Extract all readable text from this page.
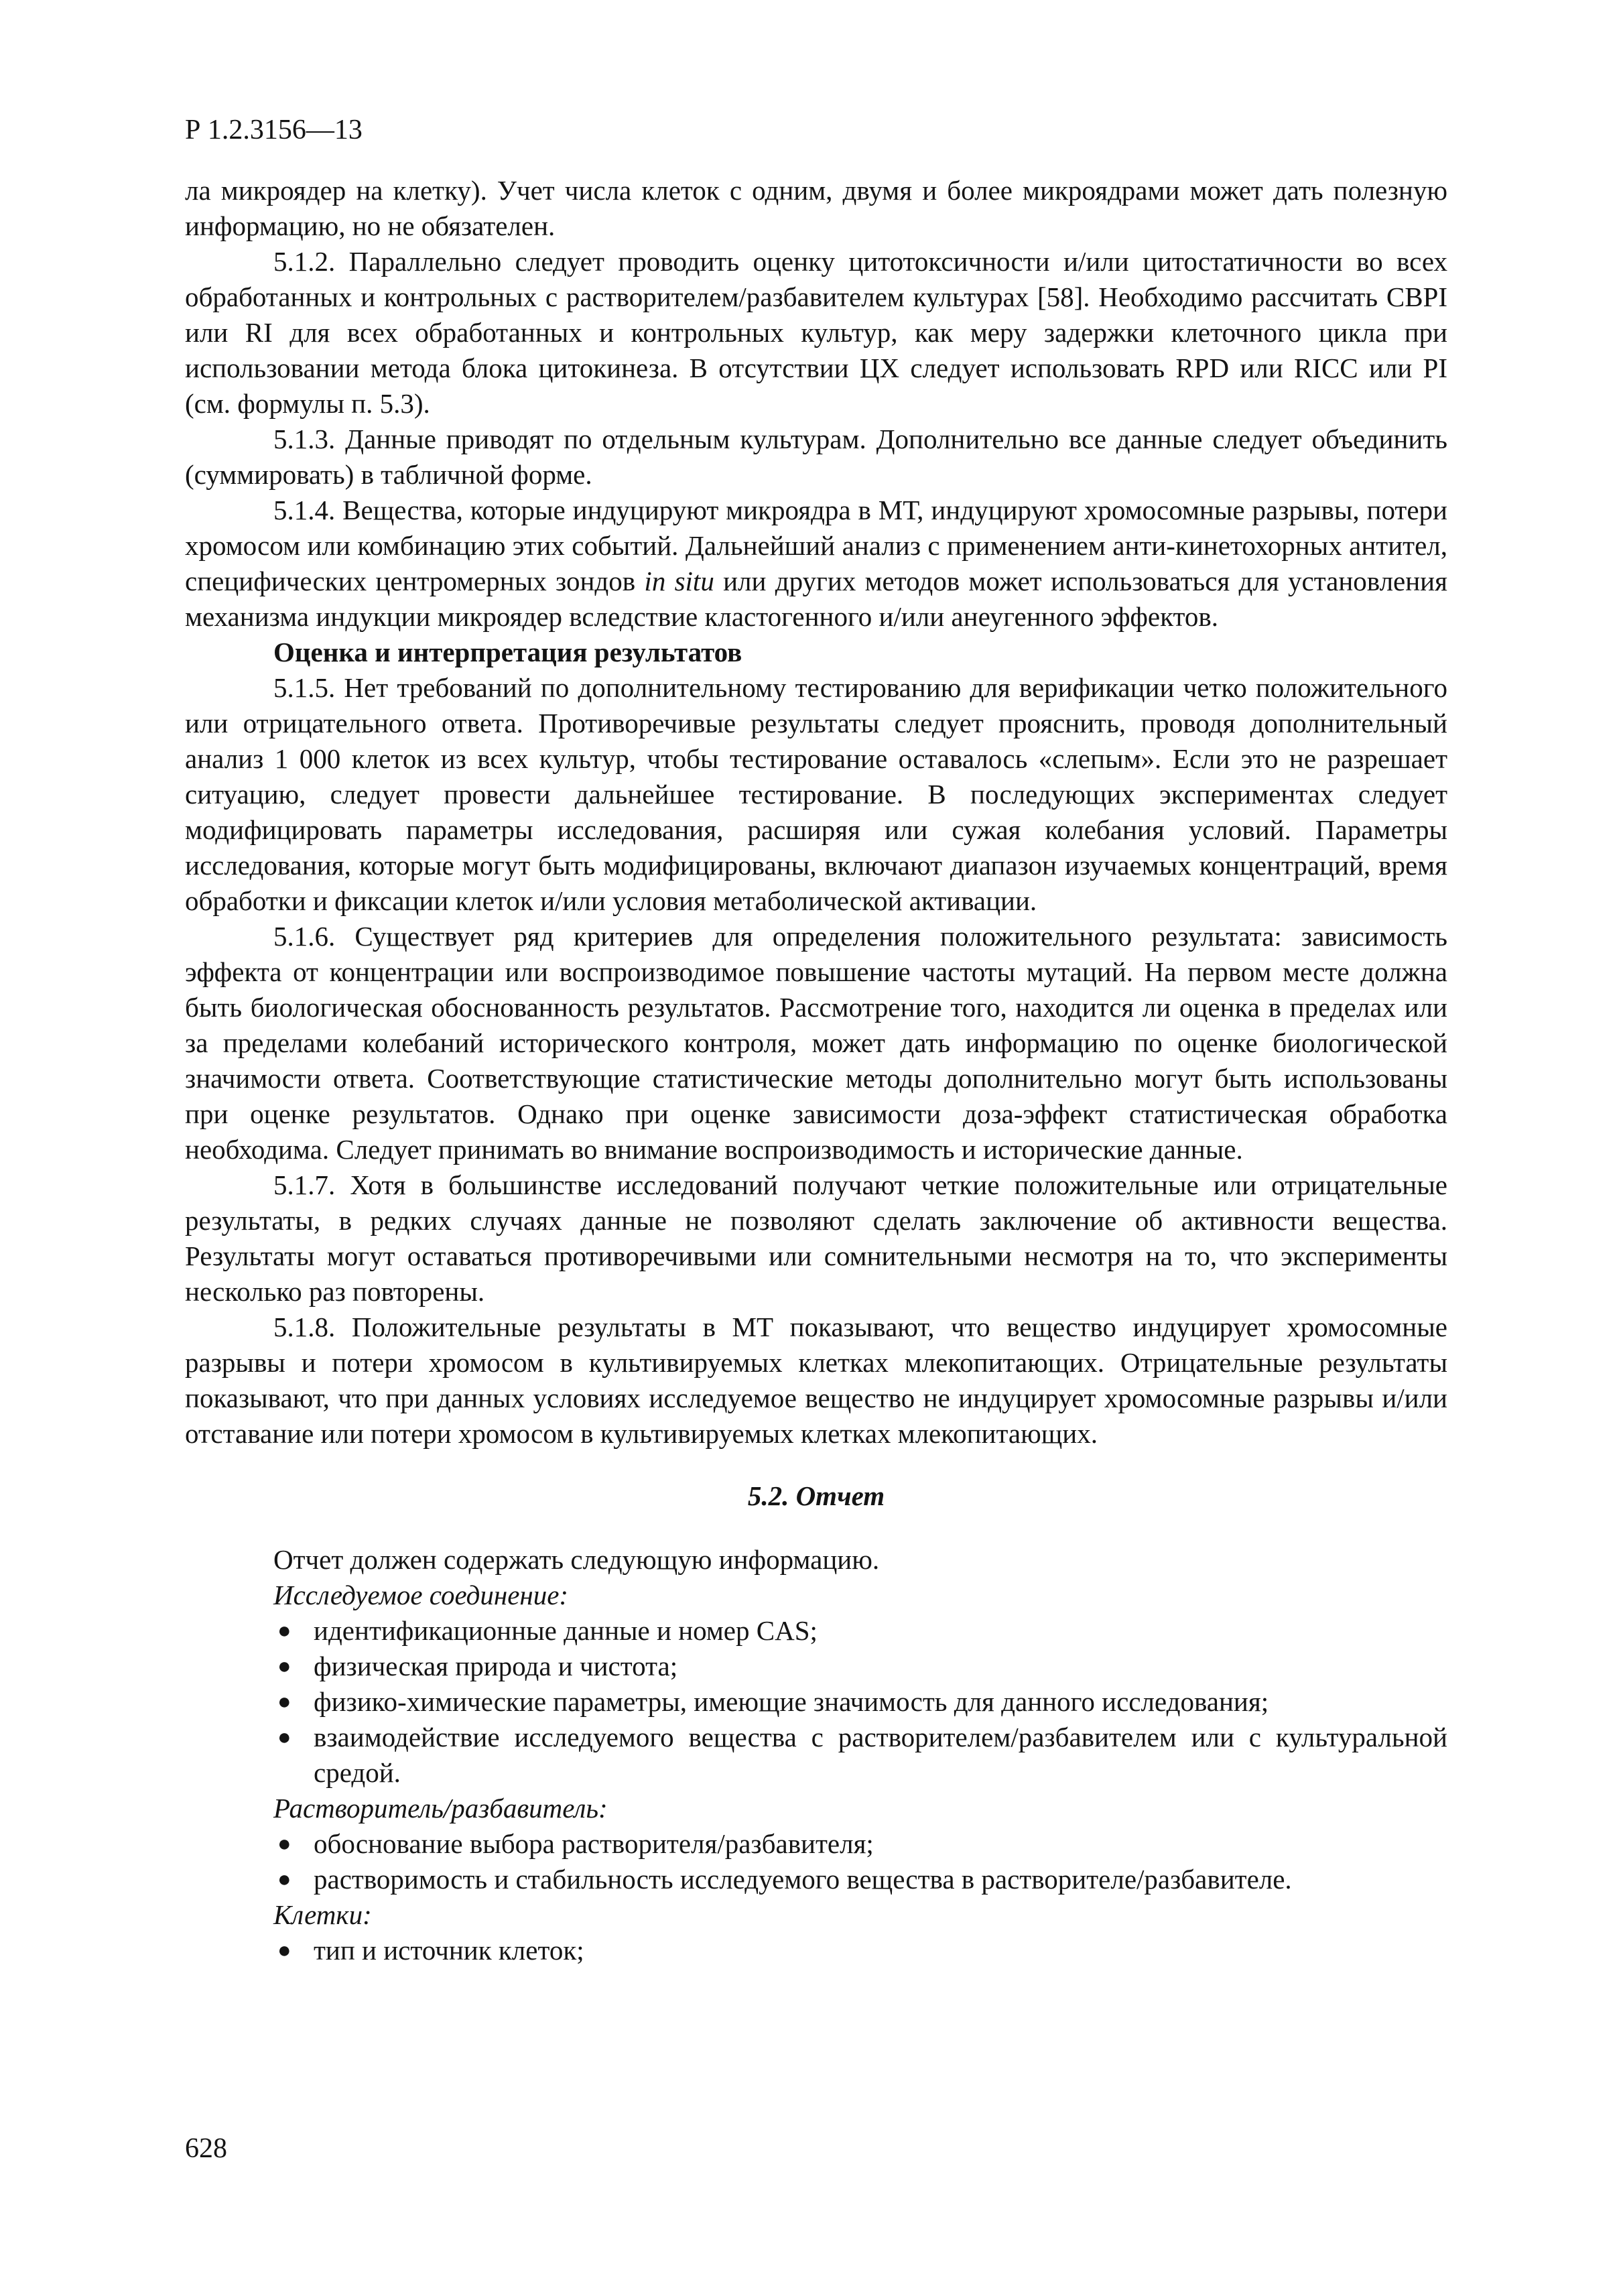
Р 1.2.3156—13

ла микроядер на клетку). Учет числа клеток с одним, двумя и более микроядрами может дать полезную информацию, но не обязателен.

5.1.2. Параллельно следует проводить оценку цитотоксичности и/или цитостатичности во всех обработанных и контрольных с растворителем/разбавителем культурах [58]. Необходимо рассчитать CBPI или RI для всех обработанных и контрольных культур, как меру задержки клеточного цикла при использовании метода блока цитокинеза. В отсутствии ЦХ следует использовать RPD или RICC или PI (см. формулы п. 5.3).

5.1.3. Данные приводят по отдельным культурам. Дополнительно все данные следует объединить (суммировать) в табличной форме.

5.1.4. Вещества, которые индуцируют микроядра в МТ, индуцируют хромосомные разрывы, потери хромосом или комбинацию этих событий. Дальнейший анализ с применением анти-кинетохорных антител, специфических центромерных зондов in situ или других методов может использоваться для установления механизма индукции микроядер вследствие кластогенного и/или анеугенного эффектов.

Оценка и интерпретация результатов

5.1.5. Нет требований по дополнительному тестированию для верификации четко положительного или отрицательного ответа. Противоречивые результаты следует прояснить, проводя дополнительный анализ 1 000 клеток из всех культур, чтобы тестирование оставалось «слепым». Если это не разрешает ситуацию, следует провести дальнейшее тестирование. В последующих экспериментах следует модифицировать параметры исследования, расширяя или сужая колебания условий. Параметры исследования, которые могут быть модифицированы, включают диапазон изучаемых концентраций, время обработки и фиксации клеток и/или условия метаболической активации.

5.1.6. Существует ряд критериев для определения положительного результата: зависимость эффекта от концентрации или воспроизводимое повышение частоты мутаций. На первом месте должна быть биологическая обоснованность результатов. Рассмотрение того, находится ли оценка в пределах или за пределами колебаний исторического контроля, может дать информацию по оценке биологической значимости ответа. Соответствующие статистические методы дополнительно могут быть использованы при оценке результатов. Однако при оценке зависимости доза-эффект статистическая обработка необходима. Следует принимать во внимание воспроизводимость и исторические данные.

5.1.7. Хотя в большинстве исследований получают четкие положительные или отрицательные результаты, в редких случаях данные не позволяют сделать заключение об активности вещества. Результаты могут оставаться противоречивыми или сомнительными несмотря на то, что эксперименты несколько раз повторены.

5.1.8. Положительные результаты в МТ показывают, что вещество индуцирует хромосомные разрывы и потери хромосом в культивируемых клетках млекопитающих. Отрицательные результаты показывают, что при данных условиях исследуемое вещество не индуцирует хромосомные разрывы и/или отставание или потери хромосом в культивируемых клетках млекопитающих.

5.2. Отчет

Отчет должен содержать следующую информацию.

Исследуемое соединение:

● идентификационные данные и номер CAS;
● физическая природа и чистота;
● физико-химические параметры, имеющие значимость для данного исследования;
● взаимодействие исследуемого вещества с растворителем/разбавителем или с культуральной средой.

Растворитель/разбавитель:

● обоснование выбора растворителя/разбавителя;
● растворимость и стабильность исследуемого вещества в растворителе/разбавителе.

Клетки:

● тип и источник клеток;
628
